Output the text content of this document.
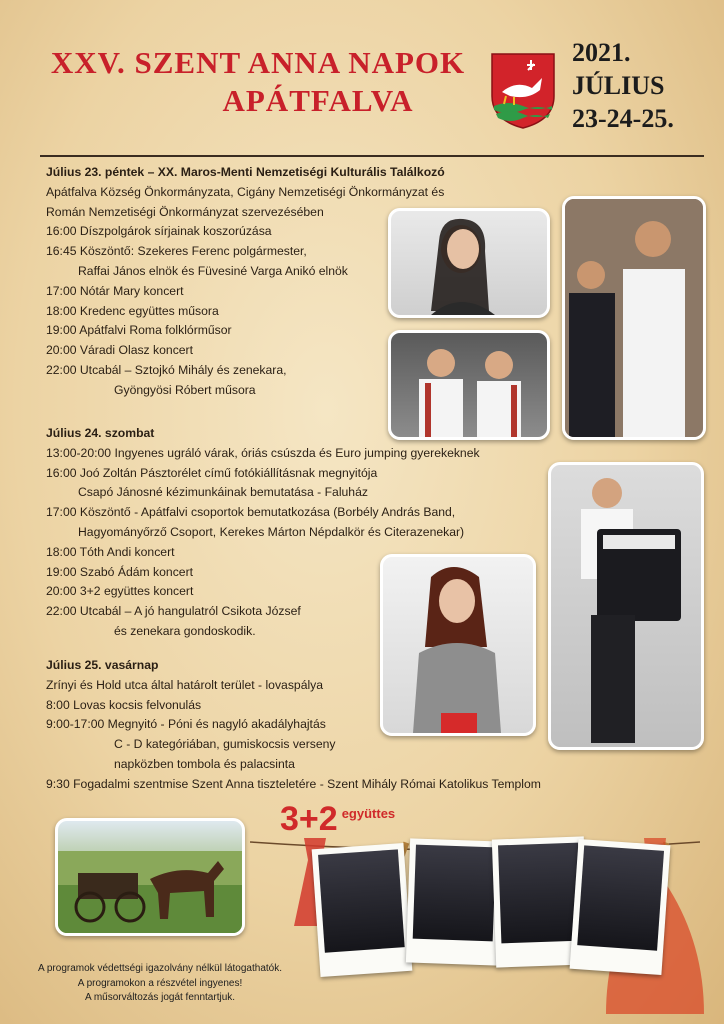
XXV. SZENT ANNA NAPOK
APÁTFALVA
2021.
JÚLIUS
23-24-25.
Július 23. péntek – XX. Maros-Menti Nemzetiségi Kulturális Találkozó
Apátfalva Község Önkormányzata, Cigány Nemzetiségi Önkormányzat és
Román Nemzetiségi Önkormányzat szervezésében
16:00 Díszpolgárok sírjainak koszorúzása
16:45 Köszöntő: Szekeres Ferenc polgármester,
Raffai János elnök és Füvesiné Varga Anikó elnök
17:00 Nótár Mary koncert
18:00 Kredenc együttes műsora
19:00 Apátfalvi Roma folklórműsor
20:00 Váradi Olasz koncert
22:00 Utcabál – Sztojkó Mihály és zenekara,
Gyöngyösi Róbert műsora
Július 24. szombat
13:00-20:00 Ingyenes ugráló várak, óriás csúszda és Euro jumping gyerekeknek
16:00 Joó Zoltán Pásztorélet című fotókiállításnak megnyitója
Csapó Jánosné kézimunkáinak bemutatása - Faluház
17:00 Köszöntő - Apátfalvi csoportok bemutatkozása (Borbély András Band,
Hagyományőrző Csoport, Kerekes Márton Népdalkör és Citerazenekar)
18:00 Tóth Andi koncert
19:00 Szabó Ádám koncert
20:00 3+2 együttes koncert
22:00 Utcabál – A jó hangulatról Csikota József
és zenekara gondoskodik.
Július 25. vasárnap
Zrínyi és Hold utca által határolt terület - lovaspálya
8:00 Lovas kocsis felvonulás
9:00-17:00 Megnyitó - Póni és nagyló akadályhajtás
C - D kategóriában, gumiskocsis verseny
napközben tombola és palacsinta
9:30 Fogadalmi szentmise Szent Anna tiszteletére - Szent Mihály Római Katolikus Templom
3+2 $^{együttes}$
A programok védettségi igazolvány nélkül látogathatók.
A programokon a részvétel ingyenes!
A műsorváltozás jogát fenntartjuk.
